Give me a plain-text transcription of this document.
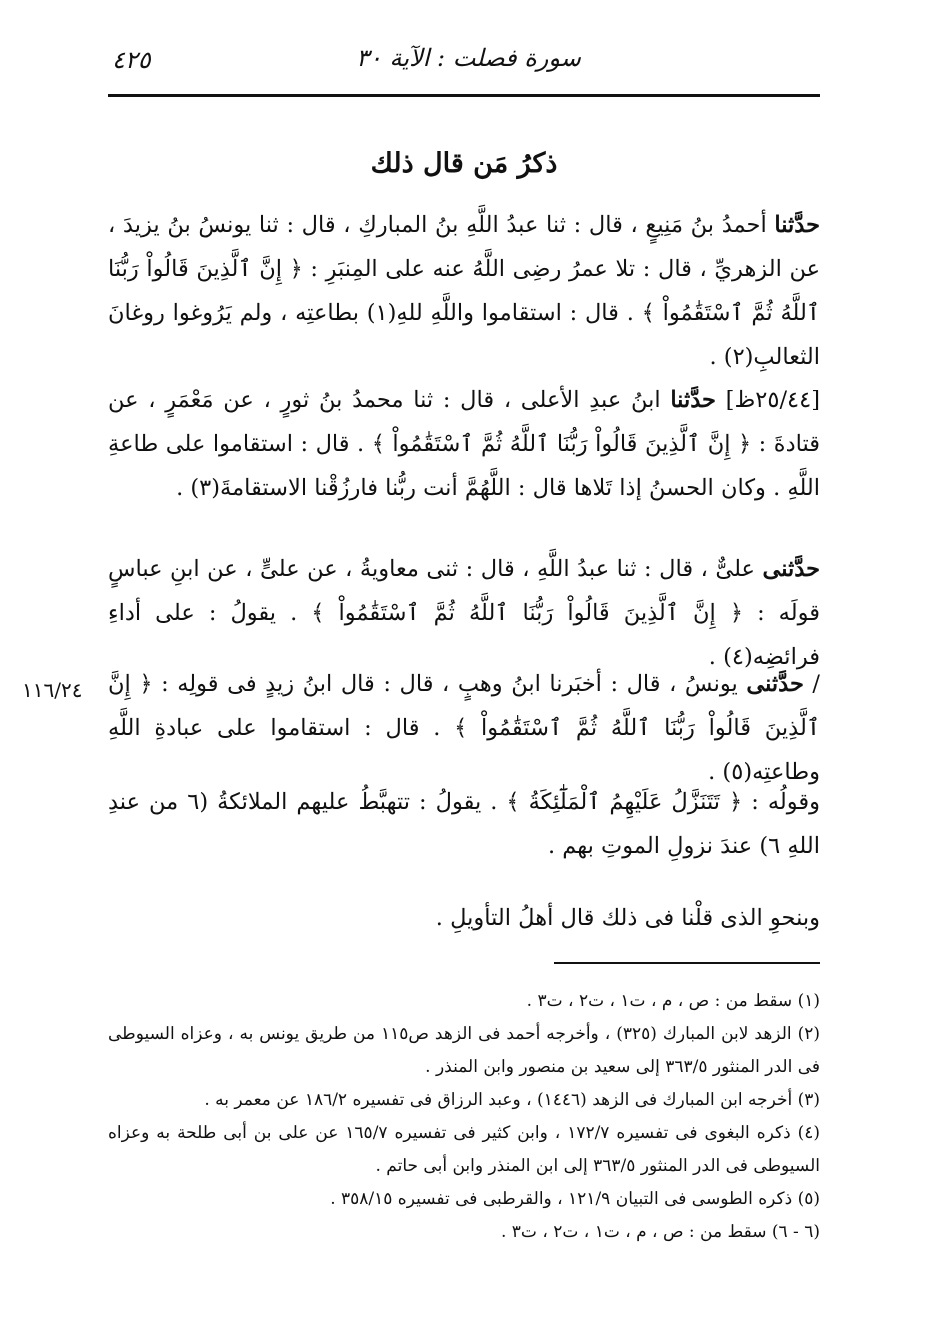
سورة فصلت : الآية ٣٠
٤٢٥
ذكرُ مَن قال ذلك
حدَّثنا أحمدُ بنُ مَنِيعٍ ، قال : ثنا عبدُ اللَّهِ بنُ المباركِ ، قال : ثنا يونسُ بنُ يزيدَ ، عن الزهريِّ ، قال : تلا عمرُ رضِى اللَّهُ عنه على المِنبَرِ : ﴿ إِنَّ ٱلَّذِينَ قَالُواْ رَبُّنَا ٱللَّهُ ثُمَّ ٱسْتَقَٰمُواْ ﴾ . قال : استقاموا واللَّهِ للهِ(١) بطاعتِه ، ولم يَرُوغوا روغانَ الثعالبِ(٢) .
[٢٥/٤٤ظ] حدَّثنا ابنُ عبدِ الأعلى ، قال : ثنا محمدُ بنُ ثورٍ ، عن مَعْمَرٍ ، عن قتادةَ : ﴿ إِنَّ ٱلَّذِينَ قَالُواْ رَبُّنَا ٱللَّهُ ثُمَّ ٱسْتَقَٰمُواْ ﴾ . قال : استقاموا على طاعةِ اللَّهِ . وكان الحسنُ إذا تَلاها قال : اللَّهُمَّ أنت ربُّنا فارزُقْنا الاستقامةَ(٣) .
حدَّثنى علىٌّ ، قال : ثنا عبدُ اللَّهِ ، قال : ثنى معاويةُ ، عن علىٍّ ، عن ابنِ عباسٍ قولَه : ﴿ إِنَّ ٱلَّذِينَ قَالُواْ رَبُّنَا ٱللَّهُ ثُمَّ ٱسْتَقَٰمُواْ ﴾ . يقولُ : على أداءِ فرائضِه(٤) .
/ حدَّثنى يونسُ ، قال : أخبَرنا ابنُ وهبٍ ، قال : قال ابنُ زيدٍ فى قولِه : ﴿ إِنَّ ٱلَّذِينَ قَالُواْ رَبُّنَا ٱللَّهُ ثُمَّ ٱسْتَقَٰمُواْ ﴾ . قال : استقاموا على عبادةِ اللَّهِ وطاعتِه(٥) .
١١٦/٢٤
وقولُه : ﴿ تَتَنَزَّلُ عَلَيْهِمُ ٱلْمَلَٰٓئِكَةُ ﴾ . يقولُ : تتهبَّطُ عليهم الملائكةُ (٦ من عندِ اللهِ ٦) عندَ نزولِ الموتِ بهم .
وبنحوِ الذى قلْنا فى ذلك قال أهلُ التأويلِ .
(١) سقط من : ص ، م ، ت١ ، ت٢ ، ت٣ .
(٢) الزهد لابن المبارك (٣٢٥) ، وأخرجه أحمد فى الزهد ص١١٥ من طريق يونس به ، وعزاه السيوطى فى الدر المنثور ٣٦٣/٥ إلى سعيد بن منصور وابن المنذر .
(٣) أخرجه ابن المبارك فى الزهد (١٤٤٦) ، وعبد الرزاق فى تفسيره ١٨٦/٢ عن معمر به .
(٤) ذكره البغوى فى تفسيره ١٧٢/٧ ، وابن كثير فى تفسيره ١٦٥/٧ عن على بن أبى طلحة به وعزاه السيوطى فى الدر المنثور ٣٦٣/٥ إلى ابن المنذر وابن أبى حاتم .
(٥) ذكره الطوسى فى التبيان ١٢١/٩ ، والقرطبى فى تفسيره ٣٥٨/١٥ .
(٦ - ٦) سقط من : ص ، م ، ت١ ، ت٢ ، ت٣ .
